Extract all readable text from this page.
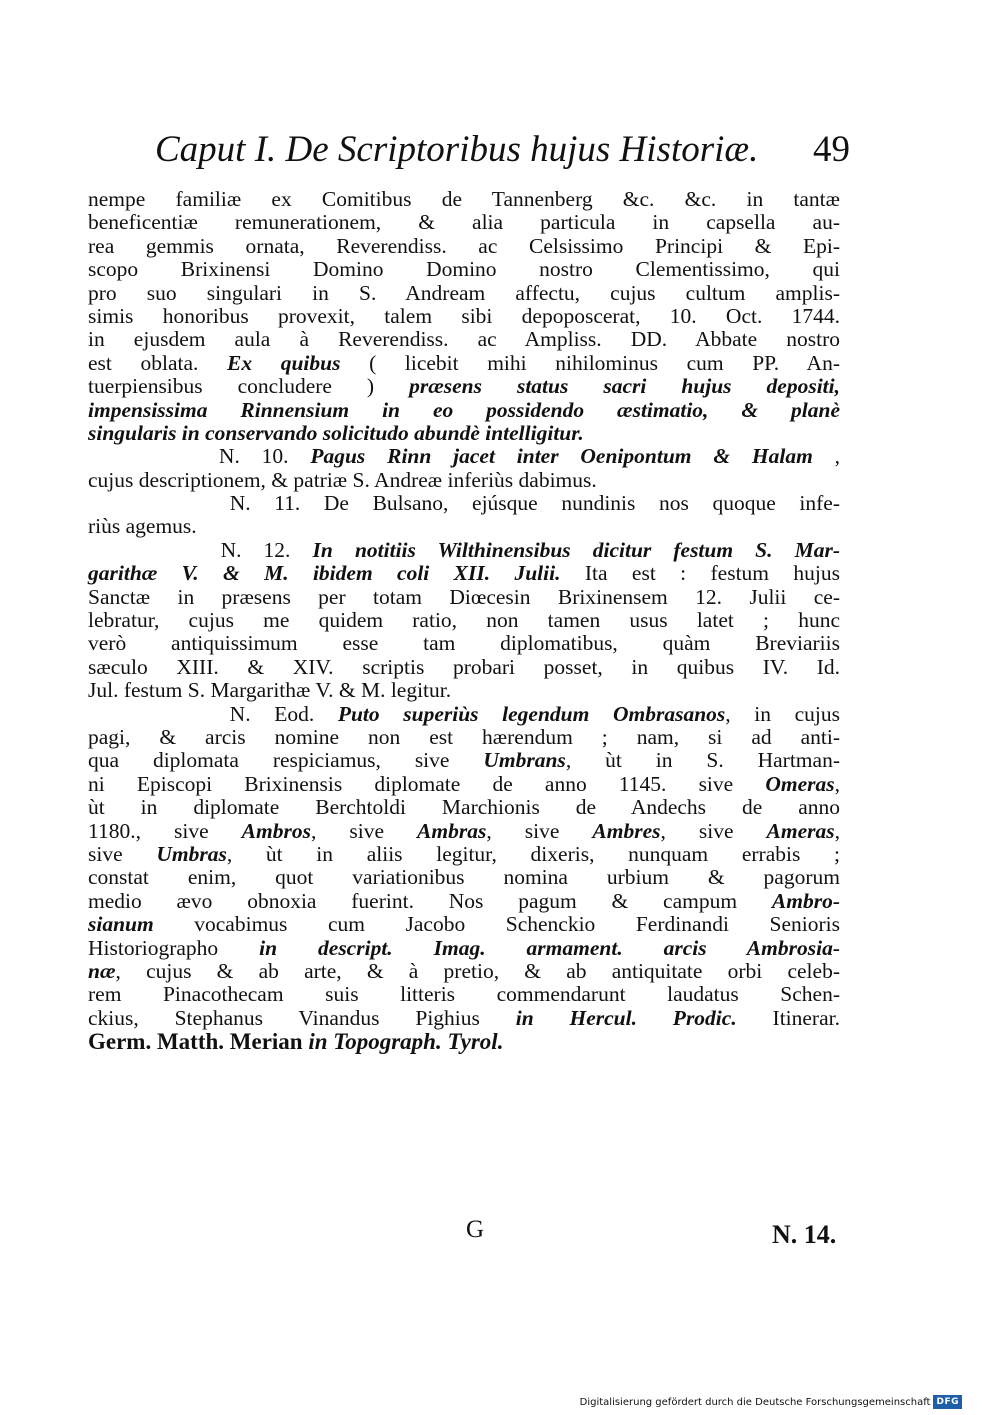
Caput I. De Scriptoribus hujus Historiæ. 49
nempe familiæ ex Comitibus de Tannenberg &c. &c. in tantæ
beneficentiæ remunerationem, & alia particula in capsella au-
rea gemmis ornata, Reverendiss. ac Celsissimo Principi & Epi-
scopo Brixinensi Domino Domino nostro Clementissimo, qui
pro suo singulari in S. Andream affectu, cujus cultum amplis-
simis honoribus provexit, talem sibi depoposcerat, 10. Oct. 1744.
in ejusdem aula à Reverendiss. ac Ampliss. DD. Abbate nostro
est oblata. Ex quibus ( licebit mihi nihilominus cum PP. An-
tuerpiensibus concludere ) præsens status sacri hujus depositi,
impensissima Rinnensium in eo possidendo æstimatio, & planè
singularis in conservando solicitudo abundè intelligitur.
N. 10. Pagus Rinn jacet inter Oenipontum & Halam ,
cujus descriptionem, & patriæ S. Andreæ inferiùs dabimus.
N. 11. De Bulsano, ejúsque nundinis nos quoque infe-
riùs agemus.
N. 12. In notitiis Wilthinensibus dicitur festum S. Mar-
garithæ V. & M. ibidem coli XII. Julii. Ita est : festum hujus
Sanctæ in præsens per totam Diœcesin Brixinensem 12. Julii ce-
lebratur, cujus me quidem ratio, non tamen usus latet ; hunc
verò antiquissimum esse tam diplomatibus, quàm Breviariis
sæculo XIII. & XIV. scriptis probari posset, in quibus IV. Id.
Jul. festum S. Margarithæ V. & M. legitur.
N. Eod. Puto superiùs legendum Ombrasanos, in cujus
pagi, & arcis nomine non est hærendum ; nam, si ad anti-
qua diplomata respiciamus, sive Umbrans, ùt in S. Hartman-
ni Episcopi Brixinensis diplomate de anno 1145. sive Omeras,
ùt in diplomate Berchtoldi Marchionis de Andechs de anno
1180., sive Ambros, sive Ambras, sive Ambres, sive Ameras,
sive Umbras, ùt in aliis legitur, dixeris, nunquam errabis ;
constat enim, quot variationibus nomina urbium & pagorum
medio ævo obnoxia fuerint. Nos pagum & campum Ambro-
sianum vocabimus cum Jacobo Schenckio Ferdinandi Senioris
Historiographo in descript. Imag. armament. arcis Ambrosia-
næ, cujus & ab arte, & à pretio, & ab antiquitate orbi celeb-
rem Pinacothecam suis litteris commendarunt laudatus Schen-
ckius, Stephanus Vinandus Pighius in Hercul. Prodic. Itinerar.
Germ. Matth. Merian in Topograph. Tyrol.
G	N. 14.
Digitalisierung gefördert durch die Deutsche Forschungsgemeinschaft DFG
